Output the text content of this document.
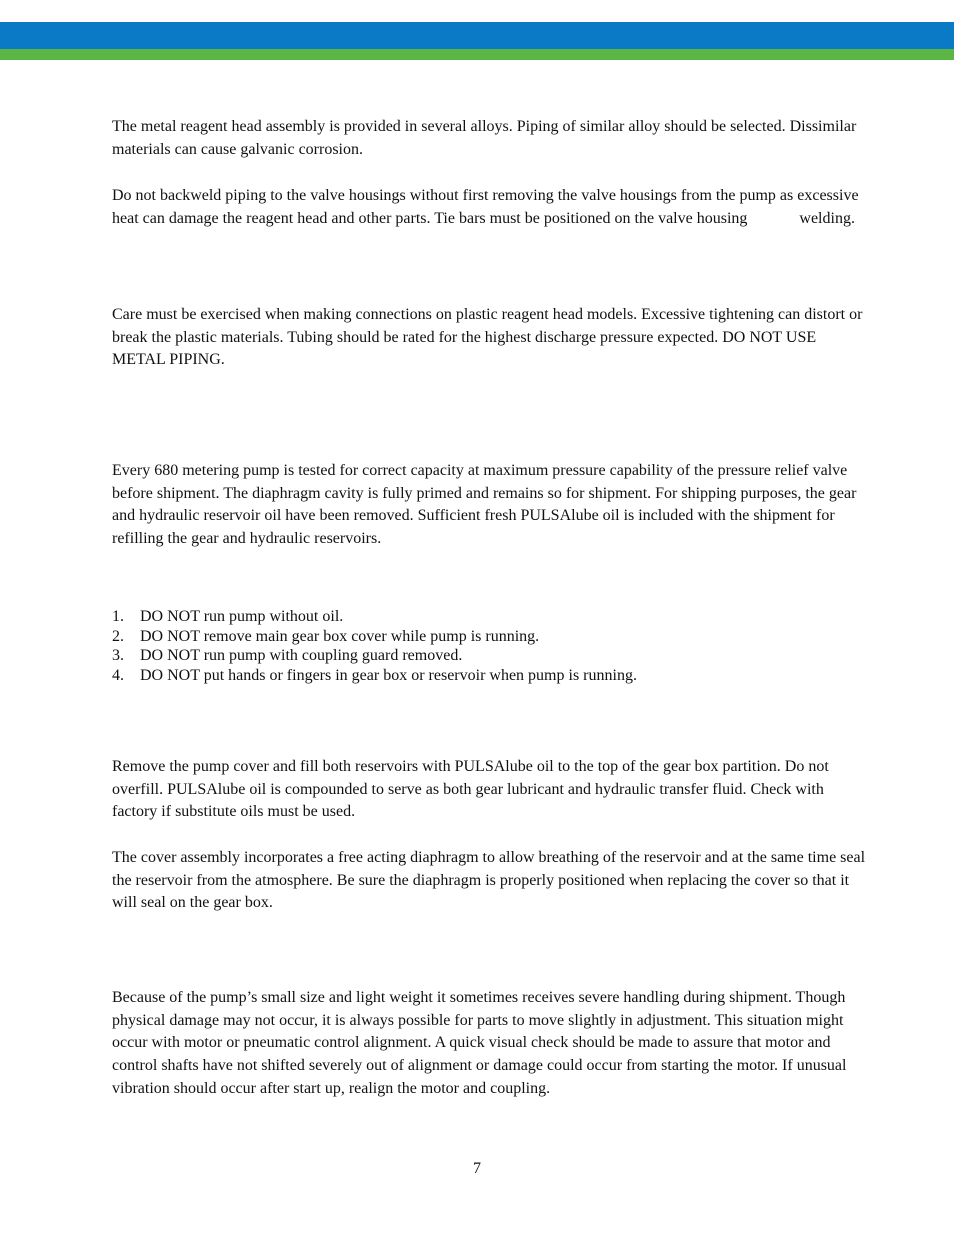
The metal reagent head assembly is provided in several alloys. Piping of similar alloy should be selected. Dissimilar materials can cause galvanic corrosion.

Do not backweld piping to the valve housings without first removing the valve housings from the pump as excessive heat can damage the reagent head and other parts. Tie bars must be positioned on the valve housing	welding.

Care must be exercised when making connections on plastic reagent head models. Excessive tightening can distort or break the plastic materials. Tubing should be rated for the highest discharge pressure expected. DO NOT USE METAL PIPING.

Every 680 metering pump is tested for correct capacity at maximum pressure capability of the pressure relief valve before shipment. The diaphragm cavity is fully primed and remains so for shipment. For shipping purposes, the gear and hydraulic reservoir oil have been removed. Sufficient fresh PULSAlube oil is included with the shipment for refilling the gear and hydraulic reservoirs.

1.	DO NOT run pump without oil.
2.	DO NOT remove main gear box cover while pump is running.
3.	DO NOT run pump with coupling guard removed.
4.	DO NOT put hands or fingers in gear box or reservoir when pump is running.

Remove the pump cover and fill both reservoirs with PULSAlube oil to the top of the gear box partition. Do not overfill. PULSAlube oil is compounded to serve as both gear lubricant and hydraulic transfer fluid. Check with factory if substitute oils must be used.

The cover assembly incorporates a free acting diaphragm to allow breathing of the reservoir and at the same time seal the reservoir from the atmosphere. Be sure the diaphragm is properly positioned when replacing the cover so that it will seal on the gear box.

Because of the pump’s small size and light weight it sometimes receives severe handling during shipment. Though physical damage may not occur, it is always possible for parts to move slightly in adjustment. This situation might occur with motor or pneumatic control alignment. A quick visual check should be made to assure that motor and control shafts have not shifted severely out of alignment or damage could occur from starting the motor. If unusual vibration should occur after start up, realign the motor and coupling.

7
